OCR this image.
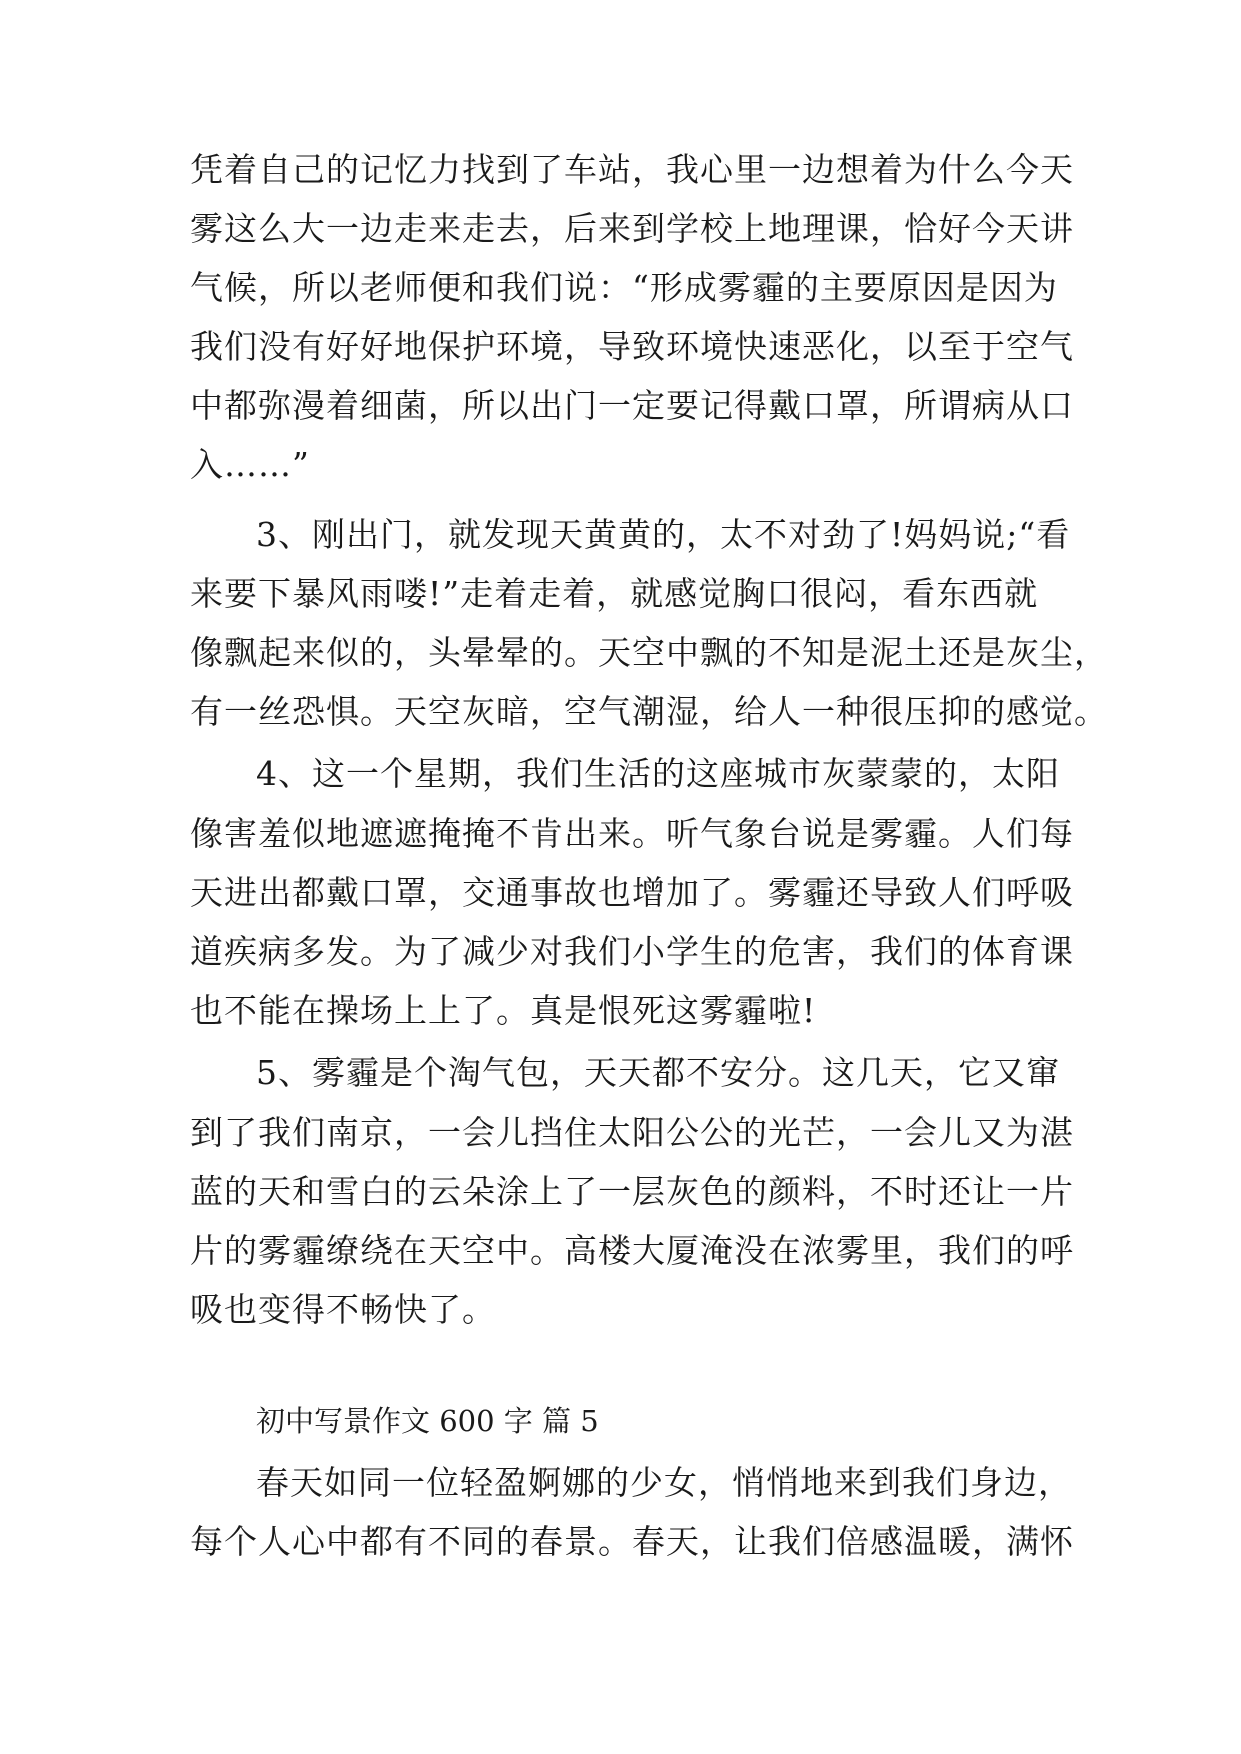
凭着自己的记忆力找到了车站，我心里一边想着为什么今天
雾这么大一边走来走去，后来到学校上地理课，恰好今天讲
气候，所以老师便和我们说：“形成雾霾的主要原因是因为
我们没有好好地保护环境，导致环境快速恶化，以至于空气
中都弥漫着细菌，所以出门一定要记得戴口罩，所谓病从口
入……”
3、刚出门，就发现天黄黄的，太不对劲了!妈妈说;“看
来要下暴风雨喽!”走着走着，就感觉胸口很闷，看东西就
像飘起来似的，头晕晕的。天空中飘的不知是泥土还是灰尘，
有一丝恐惧。天空灰暗，空气潮湿，给人一种很压抑的感觉。
4、这一个星期，我们生活的这座城市灰蒙蒙的，太阳
像害羞似地遮遮掩掩不肯出来。听气象台说是雾霾。人们每
天进出都戴口罩，交通事故也增加了。雾霾还导致人们呼吸
道疾病多发。为了减少对我们小学生的危害，我们的体育课
也不能在操场上上了。真是恨死这雾霾啦!
5、雾霾是个淘气包，天天都不安分。这几天，它又窜
到了我们南京，一会儿挡住太阳公公的光芒，一会儿又为湛
蓝的天和雪白的云朵涂上了一层灰色的颜料，不时还让一片
片的雾霾缭绕在天空中。高楼大厦淹没在浓雾里，我们的呼
吸也变得不畅快了。
初中写景作文 600 字 篇 5
春天如同一位轻盈婀娜的少女，悄悄地来到我们身边，
每个人心中都有不同的春景。春天，让我们倍感温暖，满怀
